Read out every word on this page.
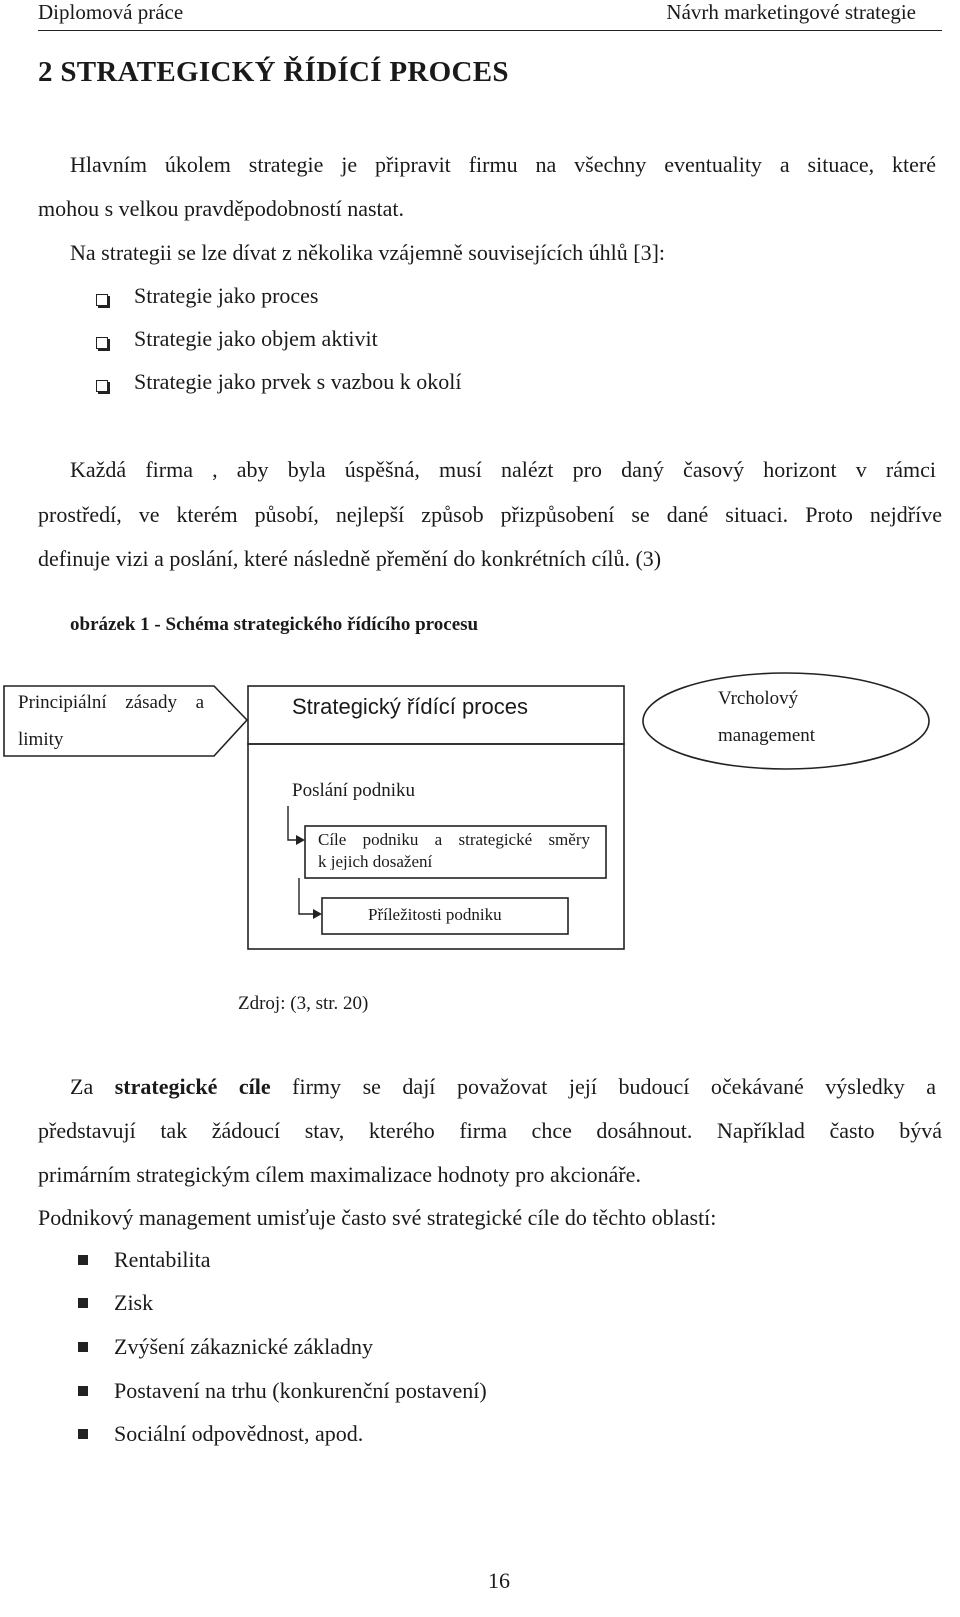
Diplomová práce	Návrh marketingové strategie
2 STRATEGICKÝ ŘÍDÍCÍ PROCES
Hlavním úkolem strategie je připravit firmu na všechny eventuality a situace, které
mohou s velkou pravděpodobností nastat.
Na strategii se lze dívat z několika vzájemně souvisejících úhlů [3]:
Strategie jako proces
Strategie jako objem aktivit
Strategie jako prvek s vazbou k okolí
Každá firma , aby byla úspěšná, musí nalézt pro daný časový horizont v rámci
prostředí, ve kterém působí, nejlepší způsob přizpůsobení se dané situaci. Proto nejdříve
definuje vizi a poslání, které následně přemění do konkrétních cílů. (3)
obrázek 1 - Schéma strategického řídícího procesu
Principiální zásady a
limity
Strategický řídící proces	Vrcholový
management
Poslání podniku
Cíle podniku a strategické směry
k jejich dosažení
Příležitosti podniku
Zdroj: (3, str. 20)
Za strategické cíle firmy se dají považovat její budoucí očekávané výsledky a
představují tak žádoucí stav, kterého firma chce dosáhnout. Například často bývá
primárním strategickým cílem maximalizace hodnoty pro akcionáře.
Podnikový management umisťuje často své strategické cíle do těchto oblastí:
Rentabilita
Zisk
Zvýšení zákaznické základny
Postavení na trhu (konkurenční postavení)
Sociální odpovědnost, apod.
16
